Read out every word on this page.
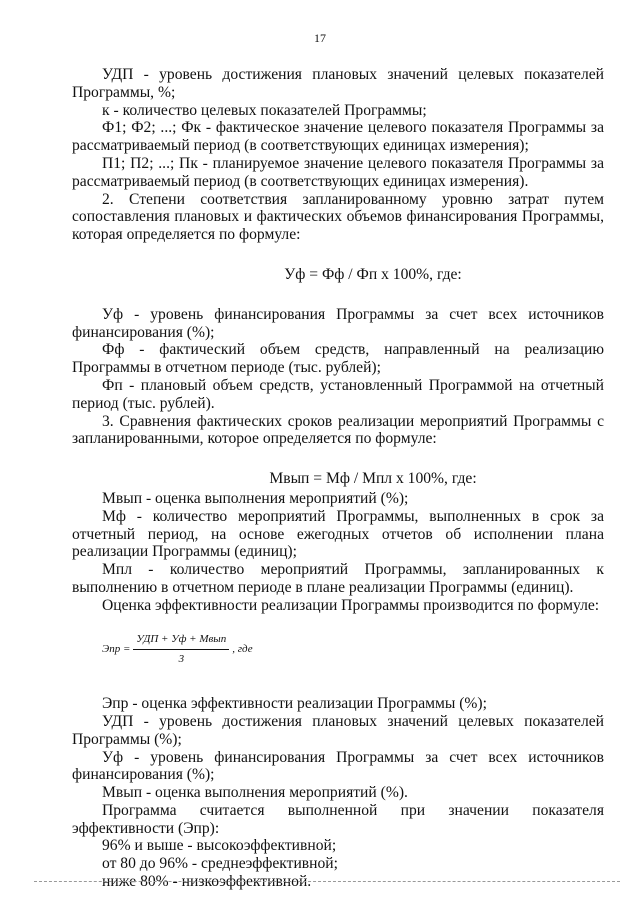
17

УДП - уровень достижения плановых значений целевых показателей Программы, %;

к - количество целевых показателей Программы;

Ф1; Ф2; ...; Фк - фактическое значение целевого показателя Программы за рассматриваемый период (в соответствующих единицах измерения);

П1; П2; ...; Пк - планируемое значение целевого показателя Программы за рассматриваемый период (в соответствующих единицах измерения).

2. Степени соответствия запланированному уровню затрат путем сопоставления плановых и фактических объемов финансирования Программы, которая определяется по формуле:

Уф = Фф / Фп х 100%, где:

Уф - уровень финансирования Программы за счет всех источников финансирования (%);

Фф - фактический объем средств, направленный на реализацию Программы в отчетном периоде (тыс. рублей);

Фп - плановый объем средств, установленный Программой на отчетный период (тыс. рублей).

3. Сравнения фактических сроков реализации мероприятий Программы с запланированными, которое определяется по формуле:

Мвып = Мф / Мпл х 100%, где:

Мвып - оценка выполнения мероприятий (%);

Мф - количество мероприятий Программы, выполненных в срок за отчетный период, на основе ежегодных отчетов об исполнении плана реализации Программы (единиц);

Мпл - количество мероприятий Программы, запланированных к выполнению в отчетном периоде в плане реализации Программы (единиц).

Оценка эффективности реализации Программы производится по формуле:

Эпр = $\frac{\text{УДП + Уф + Мвып}}{3}$ , где

Эпр - оценка эффективности реализации Программы (%);

УДП - уровень достижения плановых значений целевых показателей Программы (%);

Уф - уровень финансирования Программы за счет всех источников финансирования (%);

Мвып - оценка выполнения мероприятий (%).

Программа считается выполненной при значении показателя эффективности (Эпр):

96% и выше - высокоэффективной;

от 80 до 96% - среднеэффективной;

ниже 80% - низкоэффективной.
